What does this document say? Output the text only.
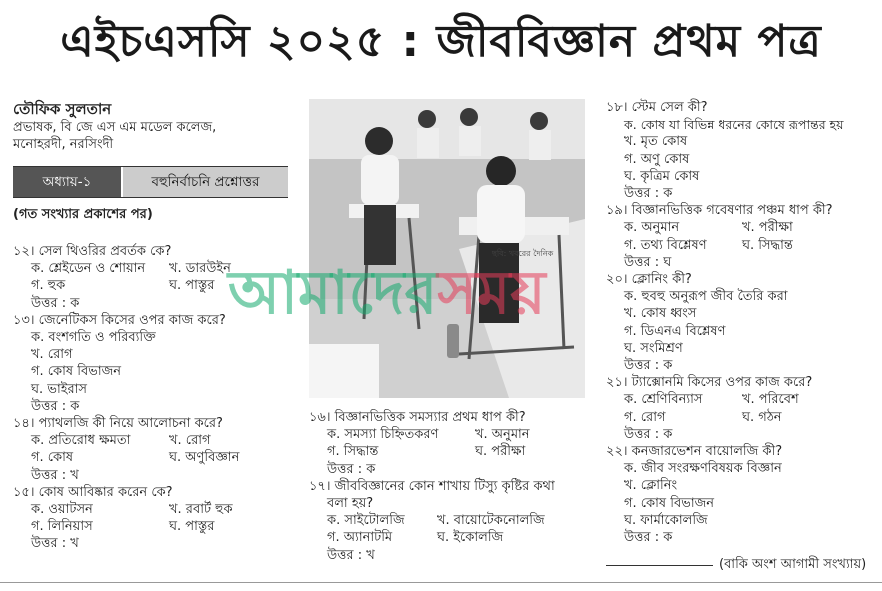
এইচএসসি ২০২৫ : জীববিজ্ঞান প্রথম পত্র
তৌফিক সুলতান
প্রভাষক, বি জে এস এম মডেল কলেজ,
মনোহরদী, নরসিংদী
অধ্যায়-১	বহুনির্বাচনি প্রশ্নোত্তর
(গত সংখ্যার প্রকাশের পর)
১২। সেল থিওরির প্রবর্তক কে?
ক. শ্লেইডেন ও শোয়ান	খ. ডারউইন
গ. হুক	ঘ. পাস্তুর
উত্তর : ক
১৩। জেনেটিকস কিসের ওপর কাজ করে?
ক. বংশগতি ও পরিব্যক্তি
খ. রোগ
গ. কোষ বিভাজন
ঘ. ভাইরাস
উত্তর : ক
১৪। প্যাথলজি কী নিয়ে আলোচনা করে?
ক. প্রতিরোধ ক্ষমতা	খ. রোগ
গ. কোষ	ঘ. অণুবিজ্ঞান
উত্তর : খ
১৫। কোষ আবিষ্কার করেন কে?
ক. ওয়াটসন	খ. রবার্ট হুক
গ. লিনিয়াস	ঘ. পাস্তুর
উত্তর : খ
ছবি: খবরের দৈনিক
১৬। বিজ্ঞানভিত্তিক সমস্যার প্রথম ধাপ কী?
ক. সমস্যা চিহ্নিতকরণ	খ. অনুমান
গ. সিদ্ধান্ত	ঘ. পরীক্ষা
উত্তর : ক
১৭। জীববিজ্ঞানের কোন শাখায় টিস্যু কৃষ্টির কথা
বলা হয়?
ক. সাইটোলজি	খ. বায়োটেকনোলজি
গ. অ্যানাটমি	ঘ. ইকোলজি
উত্তর : খ
১৮। স্টেম সেল কী?
ক. কোষ যা বিভিন্ন ধরনের কোষে রূপান্তর হয়
খ. মৃত কোষ
গ. অণু কোষ
ঘ. কৃত্রিম কোষ
উত্তর : ক
১৯। বিজ্ঞানভিত্তিক গবেষণার পঞ্চম ধাপ কী?
ক. অনুমান	খ. পরীক্ষা
গ. তথ্য বিশ্লেষণ	ঘ. সিদ্ধান্ত
উত্তর : ঘ
২০। ক্লোনিং কী?
ক. হুবহু অনুরূপ জীব তৈরি করা
খ. কোষ ধ্বংস
গ. ডিএনএ বিশ্লেষণ
ঘ. সংমিশ্রণ
উত্তর : ক
২১। ট্যাক্সোনমি কিসের ওপর কাজ করে?
ক. শ্রেণিবিন্যাস	খ. পরিবেশ
গ. রোগ	ঘ. গঠন
উত্তর : ক
২২। কনজারভেশন বায়োলজি কী?
ক. জীব সংরক্ষণবিষয়ক বিজ্ঞান
খ. ক্লোনিং
গ. কোষ বিভাজন
ঘ. ফার্মাকোলজি
উত্তর : ক
(বাকি অংশ আগামী সংখ্যায়)
আমাদেরসময়
